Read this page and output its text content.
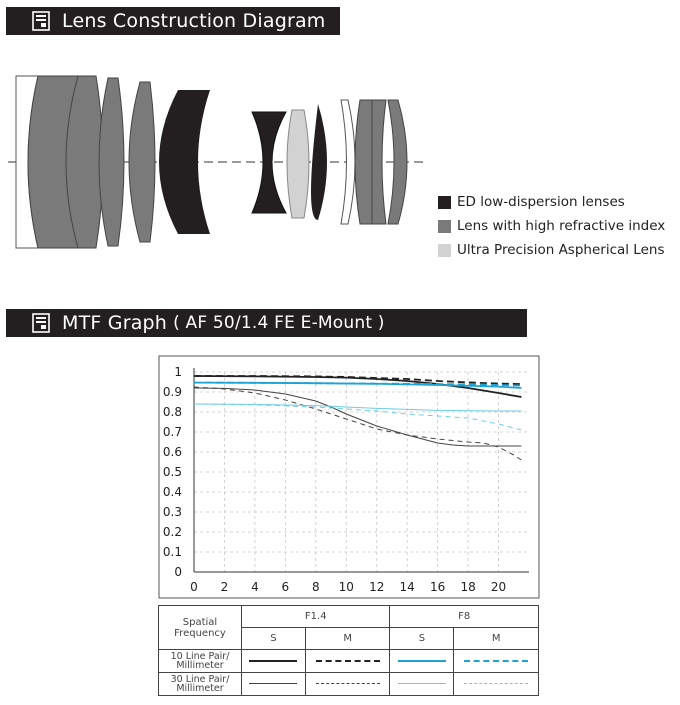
Lens Construction Diagram
ED low-dispersion lenses
Lens with high refractive index
Ultra Precision Aspherical Lens
MTF Graph ( AF 50/1.4 FE E-Mount )
0
0.1
0.2
0.3
0.4
0.5
0.6
0.7
0.8
0.9
1
0 2 4 6 8 10 12 14 16 18 20
Spatial
Frequency	F1.4		F8	
	S	M	S	M
10 Line Pair/
Millimeter				
30 Line Pair/
Millimeter				
